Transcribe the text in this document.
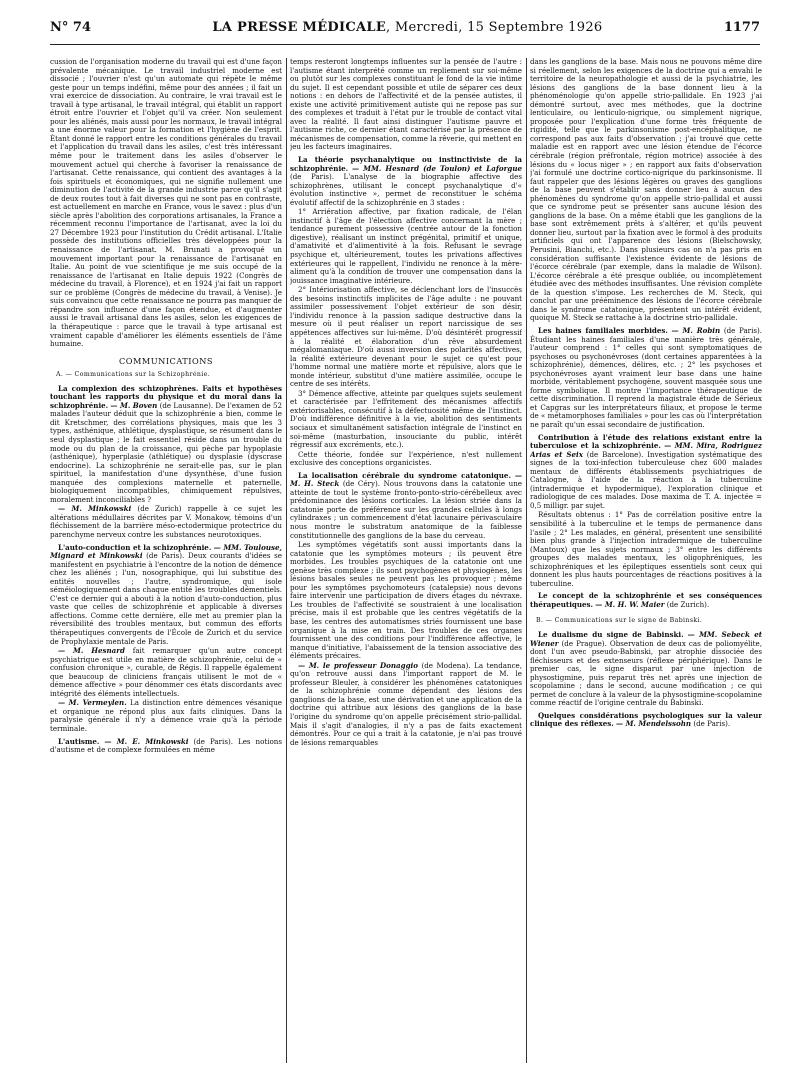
N° 74	LA PRESSE MÉDICALE, Mercredi, 15 Septembre 1926	1177

cussion de l'organisation moderne du travail qui est d'une façon prévalente mécanique. Le travail industriel moderne est dissocié ; l'ouvrier n'est qu'un automate qui répète le même geste pour un temps indéfini, même pour des années ; il fait un vrai exercice de dissociation. Au contraire, le vrai travail est le travail à type artisanal, le travail intégral, qui établit un rapport étroit entre l'ouvrier et l'objet qu'il va créer. Non seulement pour les aliénés, mais aussi pour les normaux, le travail intégral a une énorme valeur pour la formation et l'hygiène de l'esprit. Étant donné le rapport entre les conditions générales du travail et l'application du travail dans les asiles, c'est très intéressant même pour le traitement dans les asiles d'observer le mouvement actuel qui cherche à favoriser la renaissance de l'artisanat. Cette renaissance, qui contient des avantages à la fois spirituels et économiques, qui ne signifie nullement une diminution de l'activité de la grande industrie parce qu'il s'agit de deux routes tout à fait diverses qui ne sont pas en contraste, est actuellement en marche en France, vous le savez : plus d'un siècle après l'abolition des corporations artisanales, la France a récemment reconnu l'importance de l'artisanat, avec la loi du 27 Décembre 1923 pour l'institution du Crédit artisanal. L'Italie possède des institutions officielles très développées pour la renaissance de l'artisanat. M. Brunati a provoqué un mouvement important pour la renaissance de l'artisanat en Italie. Au point de vue scientifique je me suis occupé de la renaissance de l'artisanat en Italie depuis 1922 (Congrès de médecine du travail, à Florence), et en 1924 j'ai fait un rapport sur ce problème (Congrès de médecine du travail, à Venise). Je suis convaincu que cette renaissance ne pourra pas manquer de répandre son influence d'une façon étendue, et d'augmenter aussi le travail artisanal dans les asiles, selon les exigences de la thérapeutique : parce que le travail à type artisanal est vraiment capable d'améliorer les éléments essentiels de l'âme humaine.

COMMUNICATIONS
A. — Communications sur la Schizophrénie.

La complexion des schizophrènes. Faits et hypothèses touchant les rapports du physique et du moral dans la schizophrénie. — M. Boven (de Lausanne). De l'examen de 52 malades l'auteur déduit que la schizophrénie a bien, comme le dit Kretschmer, des corrélations physiques, mais que les 3 types, asthénique, athlétique, dysplastique, se résument dans le seul dysplastique ; le fait essentiel réside dans un trouble du mode ou du plan de la croissance, qui pèche par hypoplasie (asthénique), hyperplasie (athlétique) ou dysplasie (dyscrase endocrine). La schizophrénie ne serait-elle pas, sur le plan spirituel, la manifestation d'une dysynthèse, d'une fusion manquée des complexions maternelle et paternelle, biologiquement incompatibles, chimiquement répulsives, moralement inconciliables ?

— M. Minkowski (de Zurich) rappelle à ce sujet les altérations médullaires décrites par V. Monakow, témoins d'un fléchissement de la barrière méso-ectodermique protectrice du parenchyme nerveux contre les substances neurotoxiques.

L'auto-conduction et la schizophrénie. — MM. Toulouse, Mignard et Minkowski (de Paris). Deux courants d'idées se manifestent en psychiatrie à l'encontre de la notion de démence chez les aliénés ; l'un, nosographique, qui lui substitue des entités nouvelles ; l'autre, syndromique, qui isole séméiologiquement dans chaque entité les troubles démentiels. C'est ce dernier qui a abouti à la notion d'auto-conduction, plus vaste que celles de schizophrénie et applicable à diverses affections. Comme cette dernière, elle met au premier plan la réversibilité des troubles mentaux, but commun des efforts thérapeutiques convergents de l'École de Zurich et du service de Prophylaxie mentale de Paris.

— M. Hesnard fait remarquer qu'un autre concept psychiatrique est utile en matière de schizophrénie, celui de « confusion chronique », curable, de Régis. Il rappelle également que beaucoup de cliniciens français utilisent le mot de « démence affective » pour dénommer ces états discordants avec intégrité des éléments intellectuels.

— M. Vermeylen. La distinction entre démences vésanique et organique ne répond plus aux faits cliniques. Dans la paralysie générale il n'y a démence vraie qu'à la période terminale.

L'autisme. — M. E. Minkowski (de Paris). Les notions d'autisme et de complexe formulées en même

temps resteront longtemps influentes sur la pensée de l'autre : l'autisme étant interprété comme un repliement sur soi-même ou plutôt sur les complexes constituant le fond de la vie intime du sujet. Il est cependant possible et utile de séparer ces deux notions : en dehors de l'affectivité et de la pensée autistes, il existe une activité primitivement autiste qui ne repose pas sur des complexes et traduit à l'état pur le trouble de contact vital avec la réalité. Il faut ainsi distinguer l'autisme pauvre et l'autisme riche, ce dernier étant caractérisé par la présence de mécanismes de compensation, comme la rêverie, qui mettent en jeu les facteurs imaginaires.

La théorie psychanalytique ou instinctiviste de la schizophrénie. — MM. Hesnard (de Toulon) et Laforgue (de Paris). L'analyse de la biographie affective des schizophrènes, utilisant le concept psychanalytique d'« évolution instinctive », permet de reconstituer le schéma évolutif affectif de la schizophrénie en 3 stades :

1° Arriération affective, par fixation radicale, de l'élan instinctif à l'âge de l'élection affective concernant la mère ; tendance purement possessive (centrée autour de la fonction digestive), réalisant un instinct prégénital, primitif et unique, d'amativité et d'alimentivité à la fois. Refusant le sevrage psychique et, ultérieurement, toutes les privations affectives extérieures qui le rappellent, l'individu ne renonce à la mère-aliment qu'à la condition de trouver une compensation dans la jouissance imaginative intérieure.

2° Intériorisation affective, se déclenchant lors de l'insuccès des besoins instinctifs implicites de l'âge adulte : ne pouvant assimiler possessivement l'objet extérieur de son désir, l'individu renonce à la passion sadique destructive dans la mesure où il peut réaliser un report narcissique de ses appétences affectives sur lui-même. D'où désintérêt progressif à la réalité et élaboration d'un rêve absurdement mégalomaniaque. D'où aussi inversion des polarités affectives, la réalité extérieure devenant pour le sujet ce qu'est pour l'homme normal une matière morte et répulsive, alors que le monde intérieur, substitut d'une matière assimilée, occupe le centre de ses intérêts.

3° Démence affective, atteinte par quelques sujets seulement et caractérisée par l'effritement des mécanismes affectifs extériorisables, consécutif à la défectuosité même de l'instinct. D'où indifférence définitive à la vie, abolition des sentiments sociaux et simultanément satisfaction intégrale de l'instinct en soi-même (masturbation, insouciante du public, intérêt régressif aux excréments, etc.).

Cette théorie, fondée sur l'expérience, n'est nullement exclusive des conceptions organicistes.

La localisation cérébrale du syndrome catatonique. — M. H. Steck (de Céry). Nous trouvons dans la catatonie une atteinte de tout le système fronto-ponto-strio-cérébelleux avec prédominance des lésions corticales. La lésion striée dans la catatonie porte de préférence sur les grandes cellules à longs cylindraxes ; un commencement d'état lacunaire périvasculaire nous montre le substratum anatomique de la faiblesse constitutionnelle des ganglions de la base du cerveau.

Les symptômes végétatifs sont aussi importants dans la catatonie que les symptômes moteurs ; ils peuvent être morbides. Les troubles psychiques de la catatonie ont une genèse très complexe ; ils sont psychogènes et physiogènes, les lésions basales seules ne peuvent pas les provoquer ; même pour les symptômes psychomoteurs (catalepsie) nous devons faire intervenir une participation de divers étages du névraxe. Les troubles de l'affectivité se soustraient à une localisation précise, mais il est probable que les centres végétatifs de la base, les centres des automatismes striés fournissent une base organique à la mise en train. Des troubles de ces organes fournissent une des conditions pour l'indifférence affective, le manque d'initiative, l'abaissement de la tension associative des éléments précaires.

— M. le professeur Donaggio (de Modena). La tendance, qu'on retrouve aussi dans l'important rapport de M. le professeur Bleuler, à considérer les phénomènes catatoniques de la schizophrénie comme dépendant des lésions des ganglions de la base, est une dérivation et une application de la doctrine qui attribue aux lésions des ganglions de la base l'origine du syndrome qu'on appelle précisément strio-pallidal. Mais il s'agit d'analogies, il n'y a pas de faits exactement démontrés. Pour ce qui a trait à la catatonie, je n'ai pas trouvé de lésions remarquables

dans les ganglions de la base. Mais nous ne pouvons même dire si réellement, selon les exigences de la doctrine qui a envahi le territoire de la neuropathologie et aussi de la psychiatrie, les lésions des ganglions de la base donnent lieu à la phénoménologie qu'on appelle strio-pallidale. En 1923 j'ai démontré surtout, avec mes méthodes, que la doctrine lenticulaire, ou lenticulo-nigrique, ou simplement nigrique, proposée pour l'explication d'une forme très fréquente de rigidité, telle que le parkinsonisme post-encéphalitique, ne correspond pas aux faits d'observation ; j'ai trouvé que cette maladie est en rapport avec une lésion étendue de l'écorce cérébrale (région préfrontale, région motrice) associée à des lésions du « locus niger » ; en rapport aux faits d'observation j'ai formulé une doctrine cortico-nigrique du parkinsonisme. Il faut rappeler que des lésions légères ou graves des ganglions de la base peuvent s'établir sans donner lieu à aucun des phénomènes du syndrome qu'on appelle strio-pallidal et aussi que ce syndrome peut se présenter sans aucune lésion des ganglions de la base. On a même établi que les ganglions de la base sont extrêmement prêts à s'altérer, et qu'ils peuvent donner lieu, surtout par la fixation avec le formol à des produits artificiels qui ont l'apparence des lésions (Bielschowsky, Perusini, Bianchi, etc.). Dans plusieurs cas on n'a pas pris en considération suffisante l'existence évidente de lésions de l'écorce cérébrale (par exemple, dans la maladie de Wilson). L'écorce cérébrale a été presque oubliée, ou incomplètement étudiée avec des méthodes insuffisantes. Une révision complète de la question s'impose. Les recherches de M. Steck, qui conclut par une prééminence des lésions de l'écorce cérébrale dans le syndrome catatonique, présentent un intérêt évident, quoique M. Steck se rattache à la doctrine strio-pallidale.

Les haines familiales morbides. — M. Robin (de Paris). Étudiant les haines familiales d'une manière très générale, l'auteur comprend : 1° celles qui sont symptomatiques de psychoses ou psychonévroses (dont certaines apparentées à la schizophrénie), démences, délires, etc. ; 2° les psychoses et psychonévroses ayant vraiment leur base dans une haine morbide, véritablement psychogène, souvent masquée sous une forme symbolique. Il montre l'importance thérapeutique de cette discrimination. Il reprend la magistrale étude de Sérieux et Capgras sur les interprétateurs filiaux, et propose le terme de « métamorphoses familiales » pour les cas où l'interprétation ne paraît qu'un essai secondaire de justification.

Contribution à l'étude des relations existant entre la tuberculose et la schizophrénie. — MM. Mira, Rodriguez Arias et Seix (de Barcelone). Investigation systématique des signes de la toxi-infection tuberculeuse chez 600 malades mentaux de différents établissements psychiatriques de Catalogne, à l'aide de la réaction à la tuberculine (intradermique et hypodermique), l'exploration clinique et radiologique de ces malades. Dose maxima de T. A. injectée = 0,5 milligr. par sujet.

Résultats obtenus : 1° Pas de corrélation positive entre la sensibilité à la tuberculine et le temps de permanence dans l'asile ; 2° Les malades, en général, présentent une sensibilité bien plus grande à l'injection intradermique de tuberculine (Mantoux) que les sujets normaux ; 3° entre les différents groupes des malades mentaux, les oligophréniques, les schizophréniques et les épileptiques essentiels sont ceux qui donnent les plus hauts pourcentages de réactions positives à la tuberculine.

Le concept de la schizophrénie et ses conséquences thérapeutiques. — M. H. W. Maier (de Zurich).

B. — Communications sur le signe de Babinski.

Le dualisme du signe de Babinski. — MM. Sebeck et Wiener (de Prague). Observation de deux cas de poliomyélite, dont l'un avec pseudo-Babinski, par atrophie dissociée des fléchisseurs et des extenseurs (réflexe périphérique). Dans le premier cas, le signe disparut par une injection de physostigmine, puis reparut très net après une injection de scopolamine ; dans le second, aucune modification ; ce qui permet de conclure à la valeur de la physostigmine-scopolamine comme réactif de l'origine centrale du Babinski.

Quelques considérations psychologiques sur la valeur clinique des réflexes. — M. Mendelssohn (de Paris).
